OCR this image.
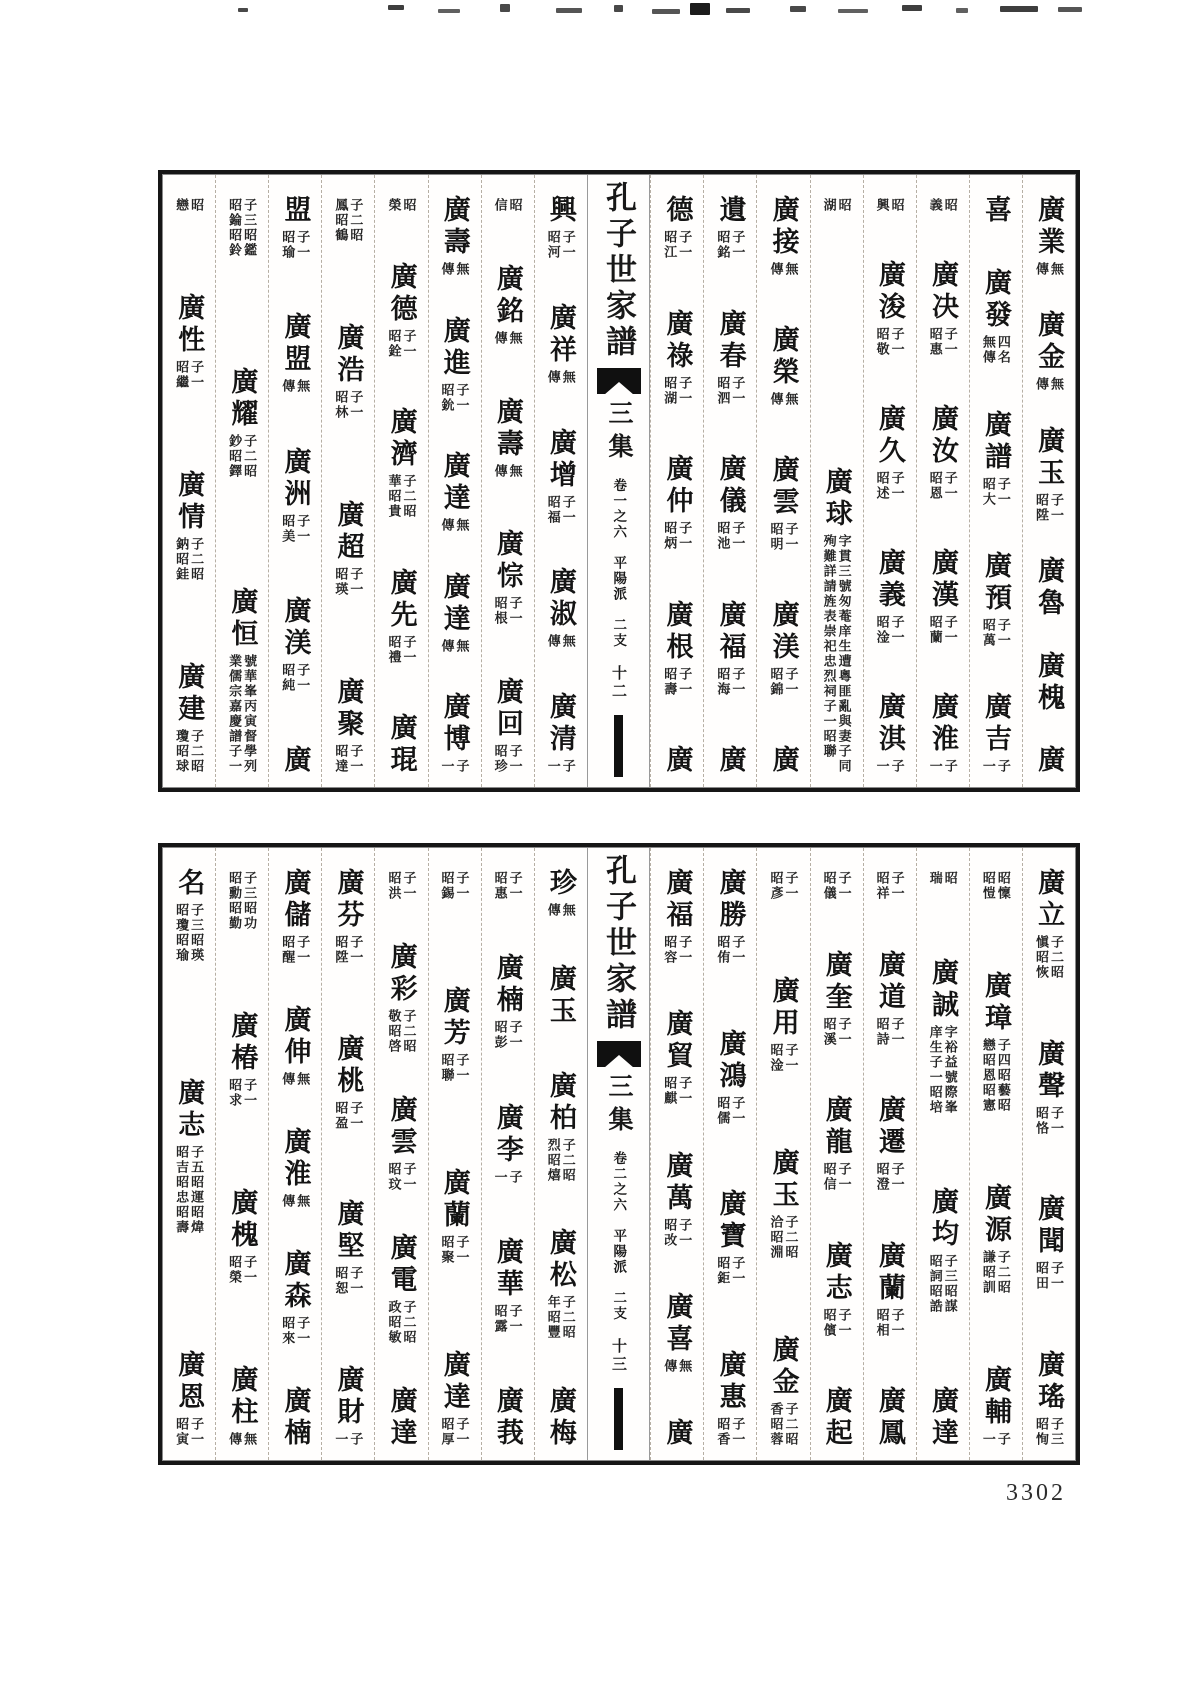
廣業
無傳
廣金
無傳
廣玉
子一昭陞
廣魯
廣槐
廣
喜
廣發
四名無傳
廣譜
子一昭大
廣預
子一昭萬
廣吉
子一
昭義
廣决
子一昭惠
廣汝
子一昭恩
廣漢
子一昭蘭
廣淮
子一
昭興
廣浚
子一昭敬
廣久
子一昭述
廣義
子一昭淦
廣淇
子一
昭湖
廣球
字貫三號匆菴庠生遭粵匪亂與妻子同殉難詳請旌表崇祀忠烈祠子一昭聯
廣接
無傳
廣榮
無傳
廣雲
子一昭明
廣渼
子一昭錦
廣
遺
子一昭銘
廣春
子一昭泗
廣儀
子一昭池
廣福
子一昭海
廣
德
子一昭江
廣祿
子一昭湖
廣仲
子一昭炳
廣根
子一昭壽
廣
孔子世家譜
三集
卷一之六　平陽派　二支
十二
興
子一昭河
廣祥
無傳
廣增
子一昭福
廣淑
無傳
廣清
子一
昭信
廣銘
無傳
廣壽
無傳
廣悰
子一昭根
廣回
子一昭珍
廣壽
無傳
廣進
子一昭鈗
廣達
無傳
廣達
無傳
廣博
子一
昭榮
廣德
子一昭銓
廣濟
子二昭華昭貴
廣先
子一昭禮
廣琨
子二昭鳳昭鶴
廣浩
子一昭林
廣超
子一昭瑛
廣聚
子一昭達
盟
子一昭瑜
廣盟
無傳
廣洲
子一昭美
廣渼
子一昭純
廣
子三昭鑑昭錀昭鈴
廣耀
子二昭鈔昭鐸
廣恒
號華峯丙寅督學列業儒宗嘉慶譜子一
昭戀
廣性
子一昭繼
廣情
子二昭鈉昭銈
廣建
子二昭瓊昭球
廣立
子二昭愼昭恢
廣聲
子一昭恪
廣聞
子一昭田
廣瑤
子三昭恂
昭懍昭愷
廣璋
子四昭藝昭戀昭恩昭憲
廣源
子二昭謙昭訓
廣輔
子一
昭瑞
廣誠
字裕益號際峯庠生子一昭培
廣均
子三昭謀昭詞昭誥
廣達
子一昭祥
廣道
子一昭詩
廣遷
子一昭澄
廣蘭
子一昭相
廣鳳
子一昭儀
廣奎
子一昭溪
廣龍
子一昭信
廣志
子一昭儐
廣起
子一昭彥
廣用
子一昭淦
廣玉
子二昭洽昭淵
廣金
子二昭香昭蓉
廣勝
子一昭侑
廣鴻
子一昭儒
廣寶
子一昭鉅
廣惠
子一昭香
廣福
子一昭容
廣貿
子一昭麒
廣萬
子一昭改
廣喜
無傳
廣
孔子世家譜
三集
卷二之六　平陽派　二支
十三
珍
無傳
廣玉
廣柏
子二昭烈昭熺
廣松
子二昭年昭豐
廣梅
子一昭惠
廣楠
子一昭彭
廣李
子一
廣華
子一昭露
廣莪
子一昭錫
廣芳
子一昭聯
廣蘭
子一昭聚
廣達
子一昭厚
子一昭洪
廣彩
子二昭敬昭啓
廣雲
子一昭玟
廣電
子二昭政昭敏
廣達
廣芬
子一昭陞
廣桃
子一昭盈
廣堅
子一昭恕
廣財
子一
廣儲
子一昭醒
廣伸
無傳
廣淮
無傳
廣森
子一昭來
廣楠
子三昭功昭勳昭勤
廣椿
子一昭求
廣槐
子一昭榮
廣柱
無傳
名
子三昭瑛昭瓊昭瑜
廣志
子五昭運昭煒昭吉昭忠昭壽
廣恩
子一昭寅
3302
